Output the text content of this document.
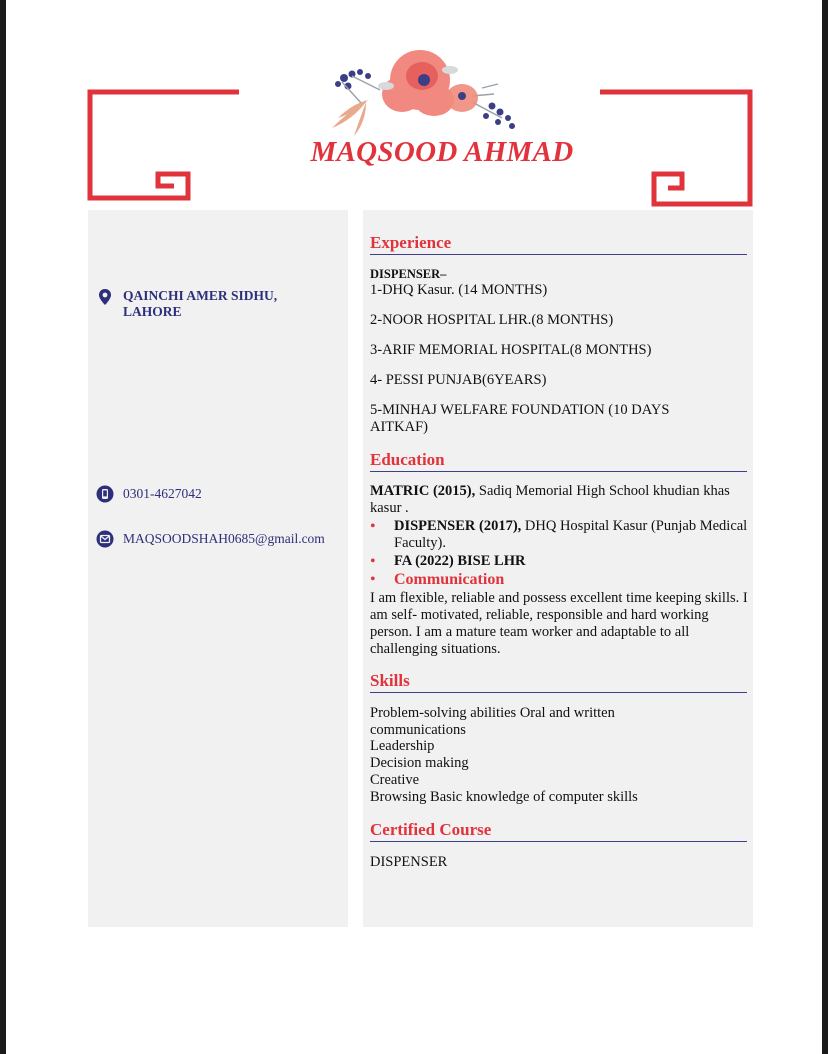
MAQSOOD AHMAD
QAINCHI AMER SIDHU, LAHORE
0301-4627042
MAQSOODSHAH0685@gmail.com
Experience
DISPENSER–
1-DHQ Kasur. (14 MONTHS)
2-NOOR HOSPITAL LHR.(8 MONTHS)
3-ARIF MEMORIAL HOSPITAL(8 MONTHS)
4- PESSI PUNJAB(6YEARS)
5-MINHAJ WELFARE FOUNDATION (10 DAYS AITKAF)
Education
MATRIC (2015), Sadiq Memorial High School khudian khas kasur .
• DISPENSER (2017), DHQ Hospital Kasur (Punjab Medical Faculty).
• FA (2022) BISE LHR
• Communication
I am flexible, reliable and possess excellent time keeping skills. I am self- motivated, reliable, responsible and hard working person. I am a mature team worker and adaptable to all challenging situations.
Skills
Problem-solving abilities Oral and written communications
Leadership
Decision making
Creative
Browsing Basic knowledge of computer skills
Certified Course
DISPENSER
